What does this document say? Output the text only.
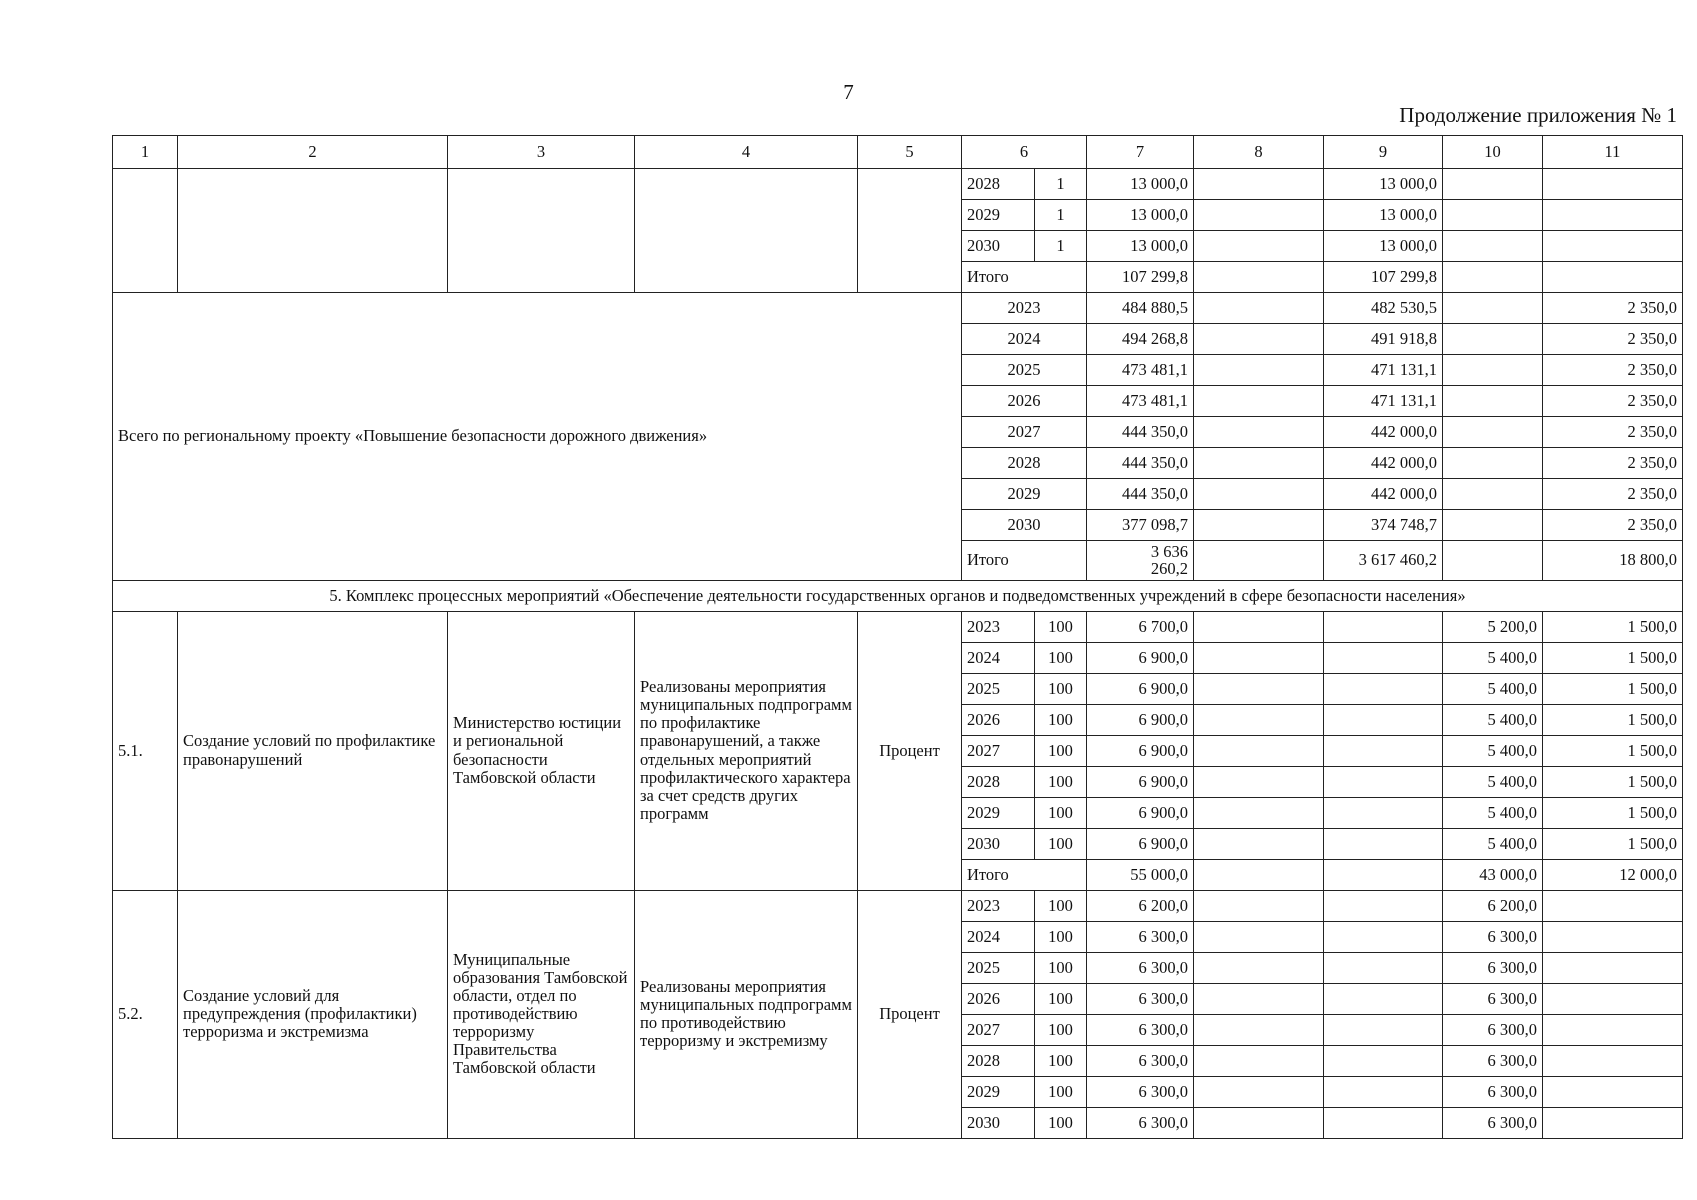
7
Продолжение приложения № 1
1	2	3	4	5	6		7	8	9	10	11
					2028	1	13 000,0		13 000,0		
					2029	1	13 000,0		13 000,0		
					2030	1	13 000,0		13 000,0		
					Итого		107 299,8		107 299,8		
Всего по региональному проекту «Повышение безопасности дорожного движения»					2023		484 880,5		482 530,5		2 350,0
					2024		494 268,8		491 918,8		2 350,0
					2025		473 481,1		471 131,1		2 350,0
					2026		473 481,1		471 131,1		2 350,0
					2027		444 350,0		442 000,0		2 350,0
					2028		444 350,0		442 000,0		2 350,0
					2029		444 350,0		442 000,0		2 350,0
					2030		377 098,7		374 748,7		2 350,0
					Итого		3 636
260,2		3 617 460,2		18 800,0
5. Комплекс процессных мероприятий «Обеспечение деятельности государственных органов и подведомственных учреждений в сфере безопасности населения»											
5.1.	Создание условий по профилактике правонарушений	Министерство юстиции и региональной безопасности Тамбовской области	Реализованы мероприятия муниципальных подпрограмм по профилактике правонарушений, а также отдельных мероприятий профилактического характера за счет средств других программ	Процент	2023	100	6 700,0			5 200,0	1 500,0
					2024	100	6 900,0			5 400,0	1 500,0
					2025	100	6 900,0			5 400,0	1 500,0
					2026	100	6 900,0			5 400,0	1 500,0
					2027	100	6 900,0			5 400,0	1 500,0
					2028	100	6 900,0			5 400,0	1 500,0
					2029	100	6 900,0			5 400,0	1 500,0
					2030	100	6 900,0			5 400,0	1 500,0
					Итого		55 000,0			43 000,0	12 000,0
5.2.	Создание условий для предупреждения (профилактики) терроризма и экстремизма	Муниципальные образования Тамбовской области, отдел по противодействию терроризму Правительства Тамбовской области	Реализованы мероприятия муниципальных подпрограмм по противодействию терроризму и экстремизму	Процент	2023	100	6 200,0			6 200,0	
					2024	100	6 300,0			6 300,0	
					2025	100	6 300,0			6 300,0	
					2026	100	6 300,0			6 300,0	
					2027	100	6 300,0			6 300,0	
					2028	100	6 300,0			6 300,0	
					2029	100	6 300,0			6 300,0	
					2030	100	6 300,0			6 300,0	
